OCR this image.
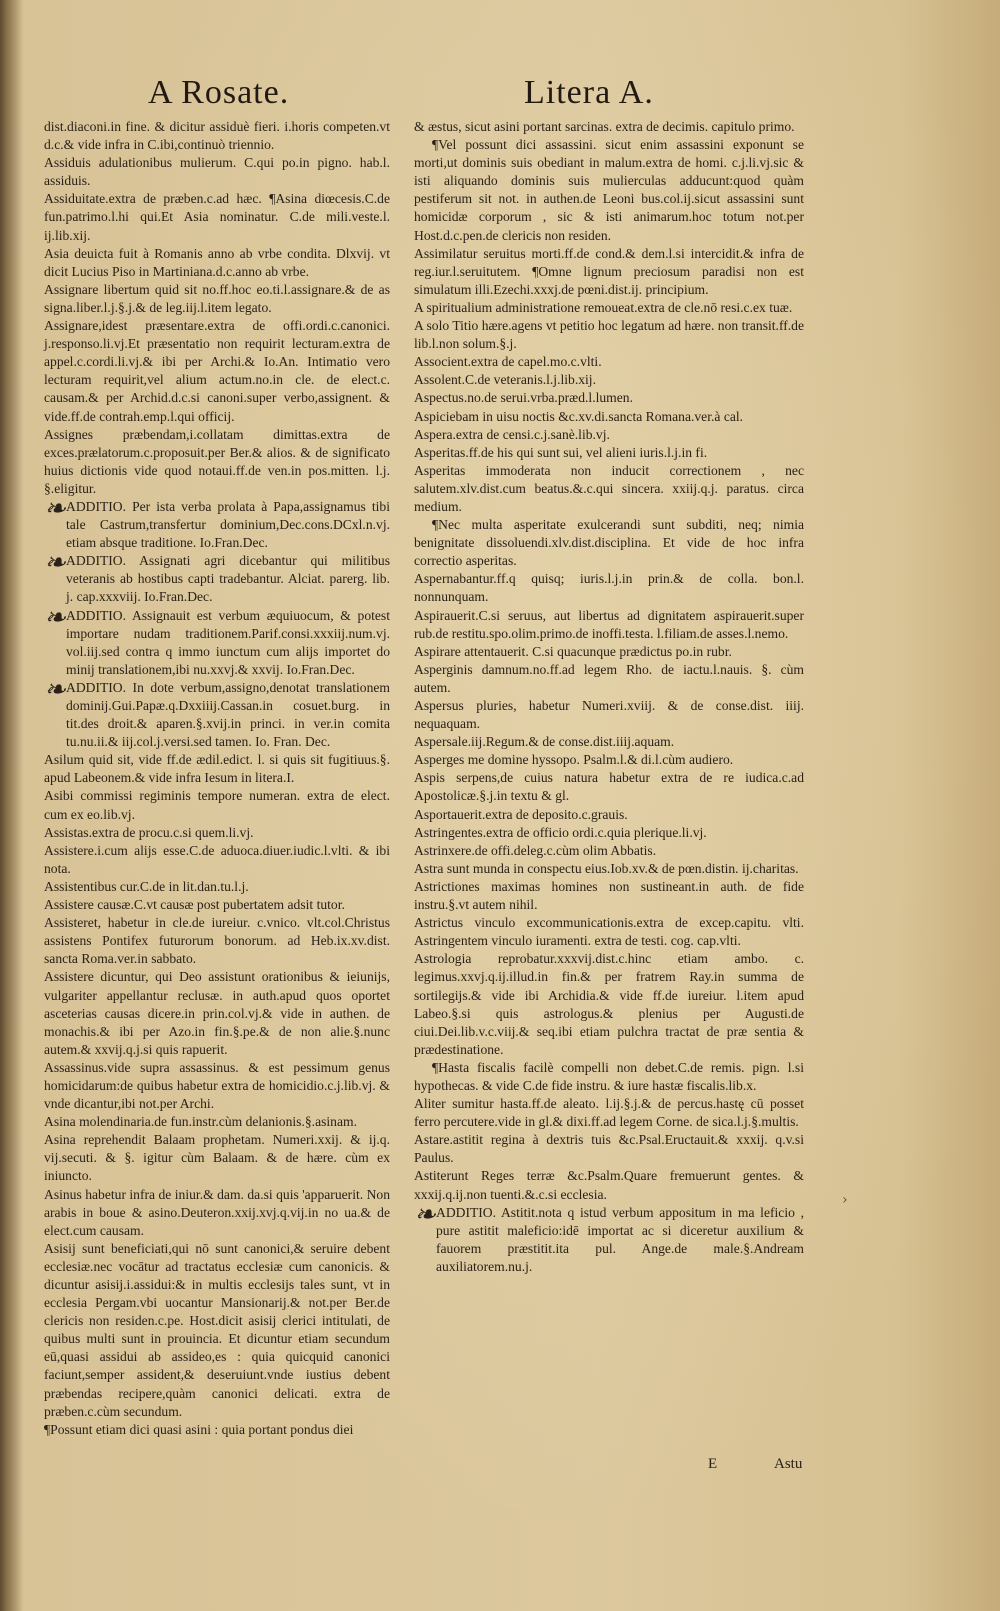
A Rosate.	Litera A.

dist.diaconi.in fine. & dicitur assiduè fieri. i.horis competen.vt d.c.& vide infra in C.ibi,continuò triennio.

Assiduis adulationibus mulierum. C.qui po.in pigno. hab.l. assiduis.

Assiduitate.extra de præben.c.ad hæc. ¶Asina diœcesis.C.de fun.patrimo.l.hi qui.Et Asia nominatur. C.de mili.veste.l. ij.lib.xij.

Asia deuicta fuit à Romanis anno ab vrbe condita. Dlxvij. vt dicit Lucius Piso in Martiniana.d.c.anno ab vrbe.

Assignare libertum quid sit no.ff.hoc eo.ti.l.assignare.& de as signa.liber.l.j.§.j.& de leg.iij.l.item legato.

Assignare,idest præsentare.extra de offi.ordi.c.canonici. j.responso.li.vj.Et præsentatio non requirit lecturam.extra de appel.c.cordi.li.vj.& ibi per Archi.& Io.An. Intimatio vero lecturam requirit,vel alium actum.no.in cle. de elect.c. causam.& per Archid.d.c.si canoni.super verbo,assignent. & vide.ff.de contrah.emp.l.qui officij.

Assignes præbendam,i.collatam dimittas.extra de exces.prælatorum.c.proposuit.per Ber.& alios. & de significato huius dictionis vide quod notaui.ff.de ven.in pos.mitten. l.j. §.eligitur.

❧ ADDITIO. Per ista verba prolata à Papa,assignamus tibi tale Castrum,transfertur dominium,Dec.cons.DCxl.n.vj. etiam absque traditione. Io.Fran.Dec.

❧ ADDITIO. Assignati agri dicebantur qui militibus veteranis ab hostibus capti tradebantur. Alciat. parerg. lib. j. cap.xxxviij. Io.Fran.Dec.

❧ ADDITIO. Assignauit est verbum æquiuocum, & potest importare nudam traditionem.Parif.consi.xxxiij.num.vj. vol.iij.sed contra q immo iunctum cum alijs importet do minij translationem,ibi nu.xxvj.& xxvij. Io.Fran.Dec.

❧ ADDITIO. In dote verbum,assigno,denotat translationem dominij.Gui.Papæ.q.Dxxiiij.Cassan.in cosuet.burg. in tit.des droit.& aparen.§.xvij.in princi. in ver.in comita tu.nu.ii.& iij.col.j.versi.sed tamen. Io. Fran. Dec.

Asilum quid sit, vide ff.de ædil.edict. l. si quis sit fugitiuus.§. apud Labeonem.& vide infra Iesum in litera.I.

Asibi commissi regiminis tempore numeran. extra de elect. cum ex eo.lib.vj.

Assistas.extra de procu.c.si quem.li.vj.

Assistere.i.cum alijs esse.C.de aduoca.diuer.iudic.l.vlti. & ibi nota.

Assistentibus cur.C.de in lit.dan.tu.l.j.

Assistere causæ.C.vt causæ post pubertatem adsit tutor.

Assisteret, habetur in cle.de iureiur. c.vnico. vlt.col.Christus assistens Pontifex futurorum bonorum. ad Heb.ix.xv.dist. sancta Roma.ver.in sabbato.

Assistere dicuntur, qui Deo assistunt orationibus & ieiunijs, vulgariter appellantur reclusæ. in auth.apud quos oportet asceterias causas dicere.in prin.col.vj.& vide in authen. de monachis.& ibi per Azo.in fin.§.pe.& de non alie.§.nunc autem.& xxvij.q.j.si quis rapuerit.

Assassinus.vide supra assassinus. & est pessimum genus homicidarum:de quibus habetur extra de homicidio.c.j.lib.vj. & vnde dicantur,ibi not.per Archi.

Asina molendinaria.de fun.instr.cùm delanionis.§.asinam.

Asina reprehendit Balaam prophetam. Numeri.xxij. & ij.q. vij.secuti. & §. igitur cùm Balaam. & de hære. cùm ex iniuncto.

Asinus habetur infra de iniur.& dam. da.si quis 'apparuerit. Non arabis in boue & asino.Deuteron.xxij.xvj.q.vij.in no ua.& de elect.cum causam.

Asisij sunt beneficiati,qui nō sunt canonici,& seruire debent ecclesiæ.nec vocātur ad tractatus ecclesiæ cum canonicis. & dicuntur asisij.i.assidui:& in multis ecclesijs tales sunt, vt in ecclesia Pergam.vbi uocantur Mansionarij.& not.per Ber.de clericis non residen.c.pe. Host.dicit asisij clerici intitulati, de quibus multi sunt in prouincia. Et dicuntur etiam secundum eū,quasi assidui ab assideo,es : quia quicquid canonici faciunt,semper assident,& deseruiunt.vnde iustius debent præbendas recipere,quàm canonici delicati. extra de præben.c.cùm secundum.

¶Possunt etiam dici quasi asini : quia portant pondus diei

& æstus, sicut asini portant sarcinas. extra de decimis. capitulo primo.

¶Vel possunt dici assassini. sicut enim assassini exponunt se morti,ut dominis suis obediant in malum.extra de homi. c.j.li.vj.sic & isti aliquando dominis suis mulierculas adducunt:quod quàm pestiferum sit not. in authen.de Leoni bus.col.ij.sicut assassini sunt homicidæ corporum , sic & isti animarum.hoc totum not.per Host.d.c.pen.de clericis non residen.

Assimilatur seruitus morti.ff.de cond.& dem.l.si intercidit.& infra de reg.iur.l.seruitutem. ¶Omne lignum preciosum paradisi non est simulatum illi.Ezechi.xxxj.de pœni.dist.ij. principium.

A spiritualium administratione remoueat.extra de cle.nō resi.c.ex tuæ.

A solo Titio hære.agens vt petitio hoc legatum ad hære. non transit.ff.de lib.l.non solum.§.j.

Associent.extra de capel.mo.c.vlti.

Assolent.C.de veteranis.l.j.lib.xij.

Aspectus.no.de serui.vrba.præd.l.lumen.

Aspiciebam in uisu noctis &c.xv.di.sancta Romana.ver.à cal.

Aspera.extra de censi.c.j.sanè.lib.vj.

Asperitas.ff.de his qui sunt sui, vel alieni iuris.l.j.in fi.

Asperitas immoderata non inducit correctionem , nec salutem.xlv.dist.cum beatus.&.c.qui sincera. xxiij.q.j. paratus. circa medium.

¶Nec multa asperitate exulcerandi sunt subditi, neq; nimia benignitate dissoluendi.xlv.dist.disciplina. Et vide de hoc infra correctio asperitas.

Aspernabantur.ff.q quisq; iuris.l.j.in prin.& de colla. bon.l. nonnunquam.

Aspirauerit.C.si seruus, aut libertus ad dignitatem aspirauerit.super rub.de restitu.spo.olim.primo.de inoffi.testa. l.filiam.de asses.l.nemo.

Aspirare attentauerit. C.si quacunque prædictus po.in rubr.

Asperginis damnum.no.ff.ad legem Rho. de iactu.l.nauis. §. cùm autem.

Aspersus pluries, habetur Numeri.xviij. & de conse.dist. iiij. nequaquam.

Aspersale.iij.Regum.& de conse.dist.iiij.aquam.

Asperges me domine hyssopo. Psalm.l.& di.l.cùm audiero.

Aspis serpens,de cuius natura habetur extra de re iudica.c.ad Apostolicæ.§.j.in textu & gl.

Asportauerit.extra de deposito.c.grauis.

Astringentes.extra de officio ordi.c.quia plerique.li.vj.

Astrinxere.de offi.deleg.c.cùm olim Abbatis.

Astra sunt munda in conspectu eius.Iob.xv.& de pœn.distin. ij.charitas.

Astrictiones maximas homines non sustineant.in auth. de fide instru.§.vt autem nihil.

Astrictus vinculo excommunicationis.extra de excep.capitu. vlti. Astringentem vinculo iuramenti. extra de testi. cog. cap.vlti.

Astrologia reprobatur.xxxvij.dist.c.hinc etiam ambo. c. legimus.xxvj.q.ij.illud.in fin.& per fratrem Ray.in summa de sortilegijs.& vide ibi Archidia.& vide ff.de iureiur. l.item apud Labeo.§.si quis astrologus.& plenius per Augusti.de ciui.Dei.lib.v.c.viij.& seq.ibi etiam pulchra tractat de præ sentia & prædestinatione.

¶Hasta fiscalis facilè compelli non debet.C.de remis. pign. l.si hypothecas. & vide C.de fide instru. & iure hastæ fiscalis.lib.x.

Aliter sumitur hasta.ff.de aleato. l.ij.§.j.& de percus.hastę cū posset ferro percutere.vide in gl.& dixi.ff.ad legem Corne. de sica.l.j.§.multis.

Astare.astitit regina à dextris tuis &c.Psal.Eructauit.& xxxij. q.v.si Paulus.

Astiterunt Reges terræ &c.Psalm.Quare fremuerunt gentes. & xxxij.q.ij.non tuenti.&.c.si ecclesia.

❧ ADDITIO. Astitit.nota q istud verbum appositum in ma leficio , pure astitit maleficio:idē importat ac si diceretur auxilium & fauorem præstitit.ita pul. Ange.de male.§.Andream auxiliatorem.nu.j.

›
E	Astu
